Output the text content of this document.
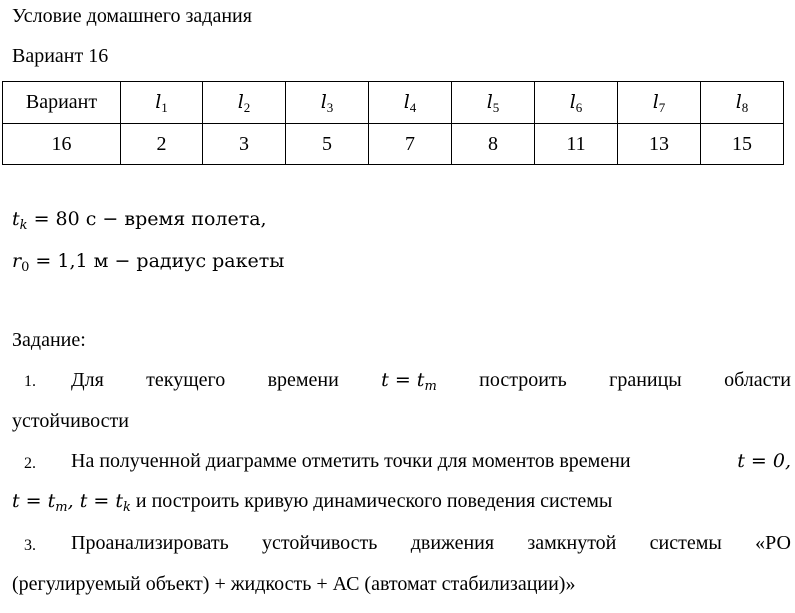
Условие домашнего задания
Вариант 16
Вариант	$l_1$	$l_2$	$l_3$	$l_4$	$l_5$	$l_6$	$l_7$	$l_8$
16	2	3	5	7	8	11	13	15
$t_k = 80$ с − время полета,
$r_0 = 1,1$ м − радиус ракеты
Задание:
1. Для текущего времени $t = t_m$ построить границы области
устойчивости
2. На полученной диаграмме отметить точки для моментов времени	t = 0,
$t = t_m$, $t = t_k$ и построить кривую динамического поведения системы
3. Проанализировать устойчивость движения замкнутой системы «РО
(регулируемый объект) + жидкость + АС (автомат стабилизации)»
